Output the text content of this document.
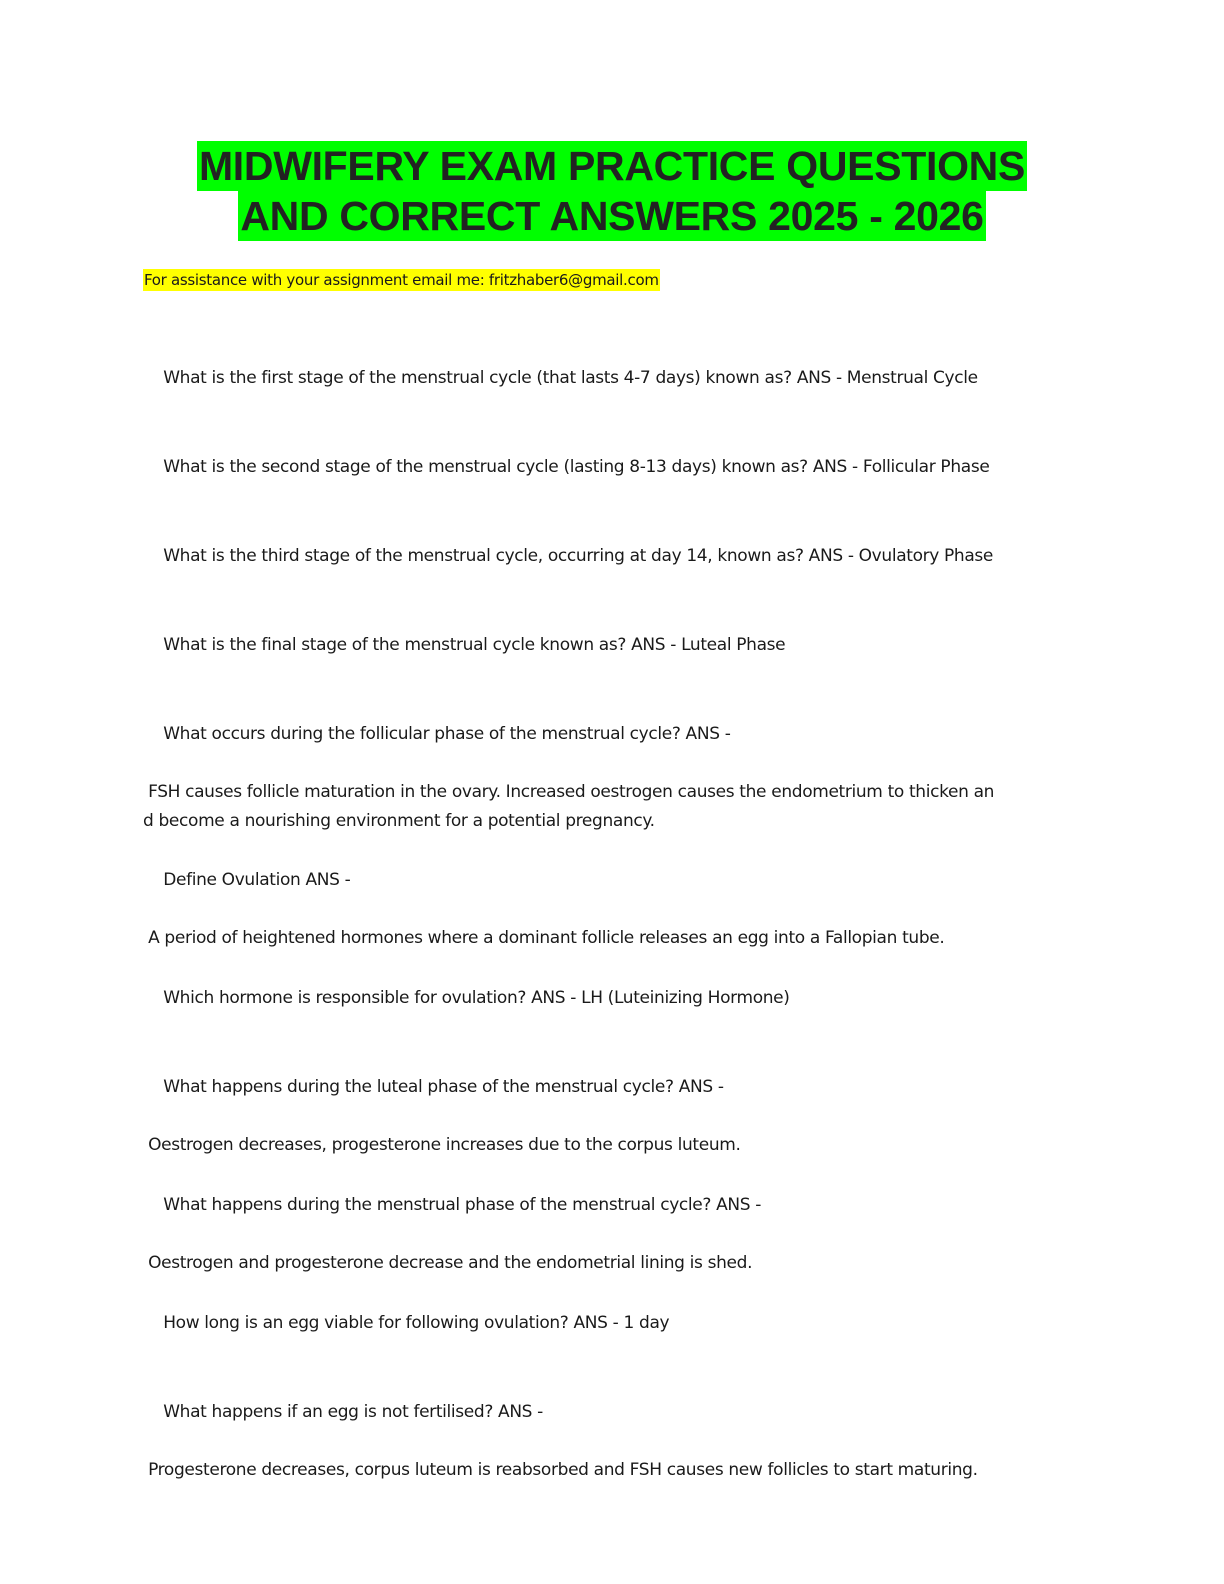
MIDWIFERY EXAM PRACTICE QUESTIONS
AND CORRECT ANSWERS 2025 - 2026
For assistance with your assignment email me: fritzhaber6@gmail.com

What is the first stage of the menstrual cycle (that lasts 4-7 days) known as? ANS - Menstrual Cycle

What is the second stage of the menstrual cycle (lasting 8-13 days) known as? ANS - Follicular Phase

What is the third stage of the menstrual cycle, occurring at day 14, known as? ANS - Ovulatory Phase

What is the final stage of the menstrual cycle known as? ANS - Luteal Phase

What occurs during the follicular phase of the menstrual cycle? ANS -

FSH causes follicle maturation in the ovary. Increased oestrogen causes the endometrium to thicken an
d become a nourishing environment for a potential pregnancy.

Define Ovulation ANS -

A period of heightened hormones where a dominant follicle releases an egg into a Fallopian tube.

Which hormone is responsible for ovulation? ANS - LH (Luteinizing Hormone)

What happens during the luteal phase of the menstrual cycle? ANS -

Oestrogen decreases, progesterone increases due to the corpus luteum.

What happens during the menstrual phase of the menstrual cycle? ANS -

Oestrogen and progesterone decrease and the endometrial lining is shed.

How long is an egg viable for following ovulation? ANS - 1 day

What happens if an egg is not fertilised? ANS -

Progesterone decreases, corpus luteum is reabsorbed and FSH causes new follicles to start maturing.
